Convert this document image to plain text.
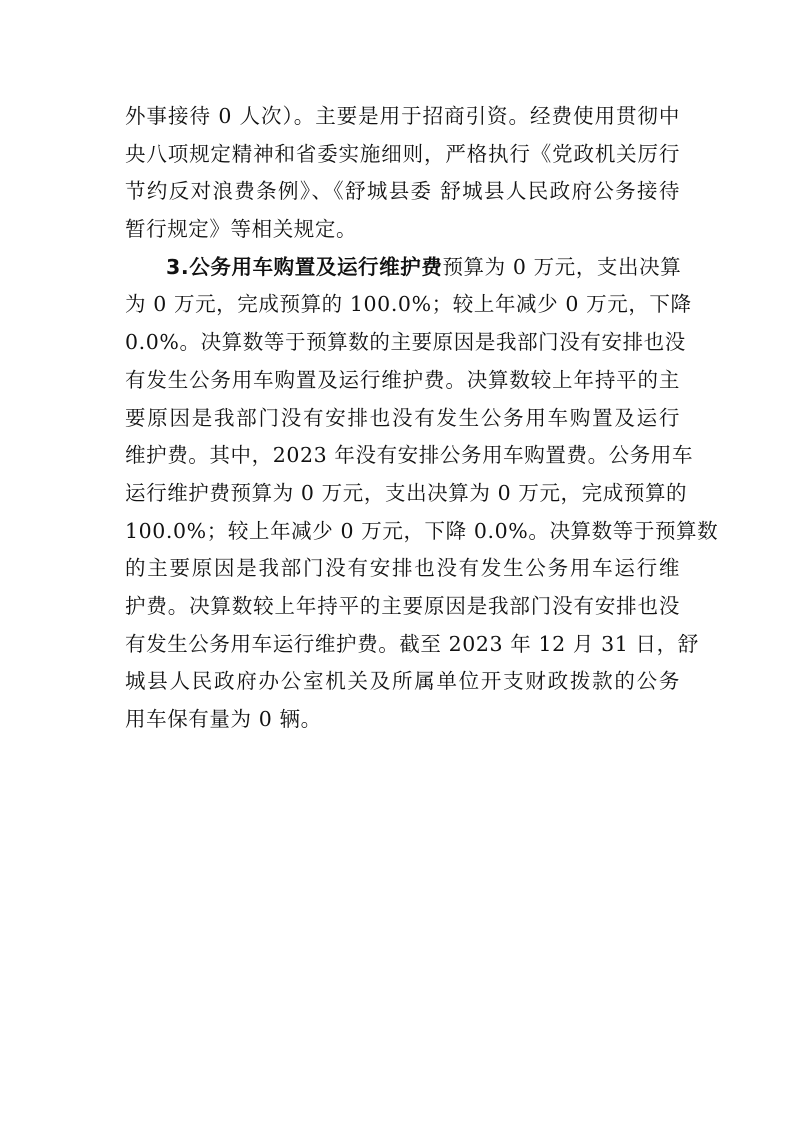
外事接待 0 人次）。主要是用于招商引资。经费使用贯彻中
央八项规定精神和省委实施细则，严格执行《党政机关厉行
节约反对浪费条例》、《舒城县委 舒城县人民政府公务接待
暂行规定》等相关规定。
3.公务用车购置及运行维护费预算为 0 万元，支出决算
为 0 万元，完成预算的 100.0%；较上年减少 0 万元，下降
0.0%。决算数等于预算数的主要原因是我部门没有安排也没
有发生公务用车购置及运行维护费。决算数较上年持平的主
要原因是我部门没有安排也没有发生公务用车购置及运行
维护费。其中，2023 年没有安排公务用车购置费。公务用车
运行维护费预算为 0 万元，支出决算为 0 万元，完成预算的
100.0%；较上年减少 0 万元，下降 0.0%。决算数等于预算数
的主要原因是我部门没有安排也没有发生公务用车运行维
护费。决算数较上年持平的主要原因是我部门没有安排也没
有发生公务用车运行维护费。截至 2023 年 12 月 31 日，舒
城县人民政府办公室机关及所属单位开支财政拨款的公务
用车保有量为 0 辆。
